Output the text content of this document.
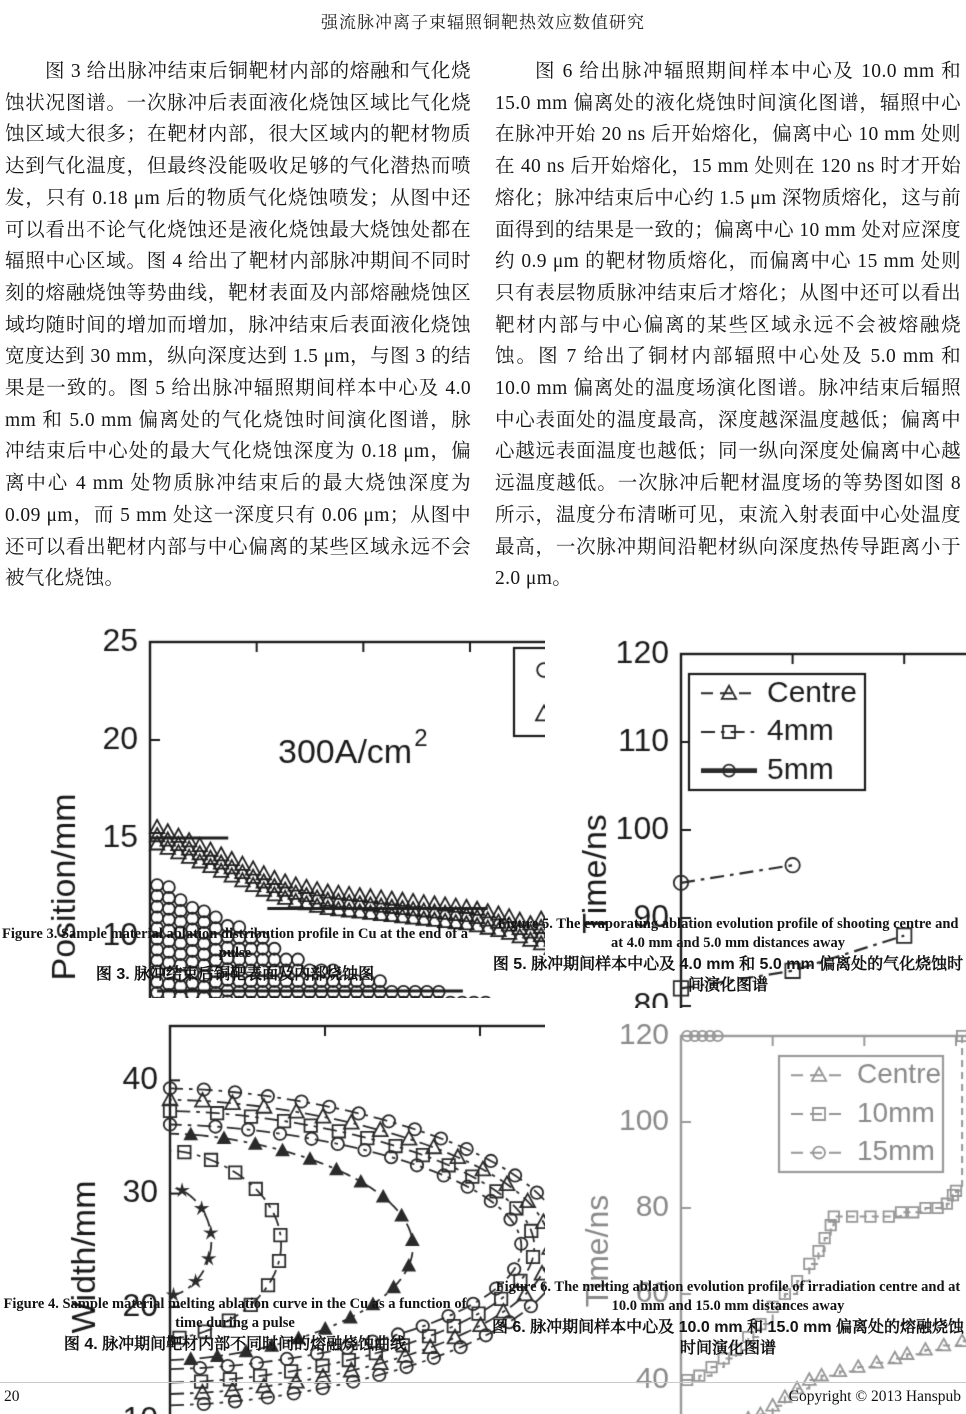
强流脉冲离子束辐照铜靶热效应数值研究
图 3 给出脉冲结束后铜靶材内部的熔融和气化烧蚀状况图谱。一次脉冲后表面液化烧蚀区域比气化烧蚀区域大很多；在靶材内部，很大区域内的靶材物质达到气化温度，但最终没能吸收足够的气化潜热而喷发，只有 0.18 μm 后的物质气化烧蚀喷发；从图中还可以看出不论气化烧蚀还是液化烧蚀最大烧蚀处都在辐照中心区域。图 4 给出了靶材内部脉冲期间不同时刻的熔融烧蚀等势曲线，靶材表面及内部熔融烧蚀区域均随时间的增加而增加，脉冲结束后表面液化烧蚀宽度达到 30 mm，纵向深度达到 1.5 μm，与图 3 的结果是一致的。图 5 给出脉冲辐照期间样本中心及 4.0 mm 和 5.0 mm 偏离处的气化烧蚀时间演化图谱，脉冲结束后中心处的最大气化烧蚀深度为 0.18 μm，偏离中心 4 mm 处物质脉冲结束后的最大烧蚀深度为 0.09 μm，而 5 mm 处这一深度只有 0.06 μm；从图中还可以看出靶材内部与中心偏离的某些区域永远不会被气化烧蚀。
图 6 给出脉冲辐照期间样本中心及 10.0 mm 和 15.0 mm 偏离处的液化烧蚀时间演化图谱，辐照中心在脉冲开始 20 ns 后开始熔化，偏离中心 10 mm 处则在 40 ns 后开始熔化，15 mm 处则在 120 ns 时才开始熔化；脉冲结束后中心约 1.5 μm 深物质熔化，这与前面得到的结果是一致的；偏离中心 10 mm 处对应深度约 0.9 μm 的靶材物质熔化，而偏离中心 15 mm 处则只有表层物质脉冲结束后才熔化；从图中还可以看出靶材内部与中心偏离的某些区域永远不会被熔融烧蚀。图 7 给出了铜材内部辐照中心处及 5.0 mm 和 10.0 mm 偏离处的温度场演化图谱。脉冲结束后辐照中心表面处的温度最高，深度越深温度越低；偏离中心越远表面温度也越低；同一纵向深度处偏离中心越远温度越低。一次脉冲后靶材温度场的等势图如图 8 所示，温度分布清晰可见，束流入射表面中心处温度最高，一次脉冲期间沿靶材纵向深度热传导距离小于 2.0 μm。
Figure 3. Sample material ablation distribution profile in Cu at the end of a pulse
图 3. 脉冲结束后铜靶表面及内部烧蚀图
Figure 4. Sample material melting ablation curve in the Cu as a function of time during a pulse
图 4. 脉冲期间靶材内部不同时间的熔融烧蚀曲线
Figure 5. The evaporating ablation evolution profile of shooting centre and at 4.0 mm and 5.0 mm distances away
图 5. 脉冲期间样本中心及 4.0 mm 和 5.0 mm 偏离处的气化烧蚀时间演化图谱
Figure 6. The melting ablation evolution profile of irradiation centre and at 10.0 mm and 15.0 mm distances away
图 6. 脉冲期间样本中心及 10.0 mm 和 15.0 mm 偏离处的熔融烧蚀时间演化图谱
20	Copyright © 2013 Hanspub
